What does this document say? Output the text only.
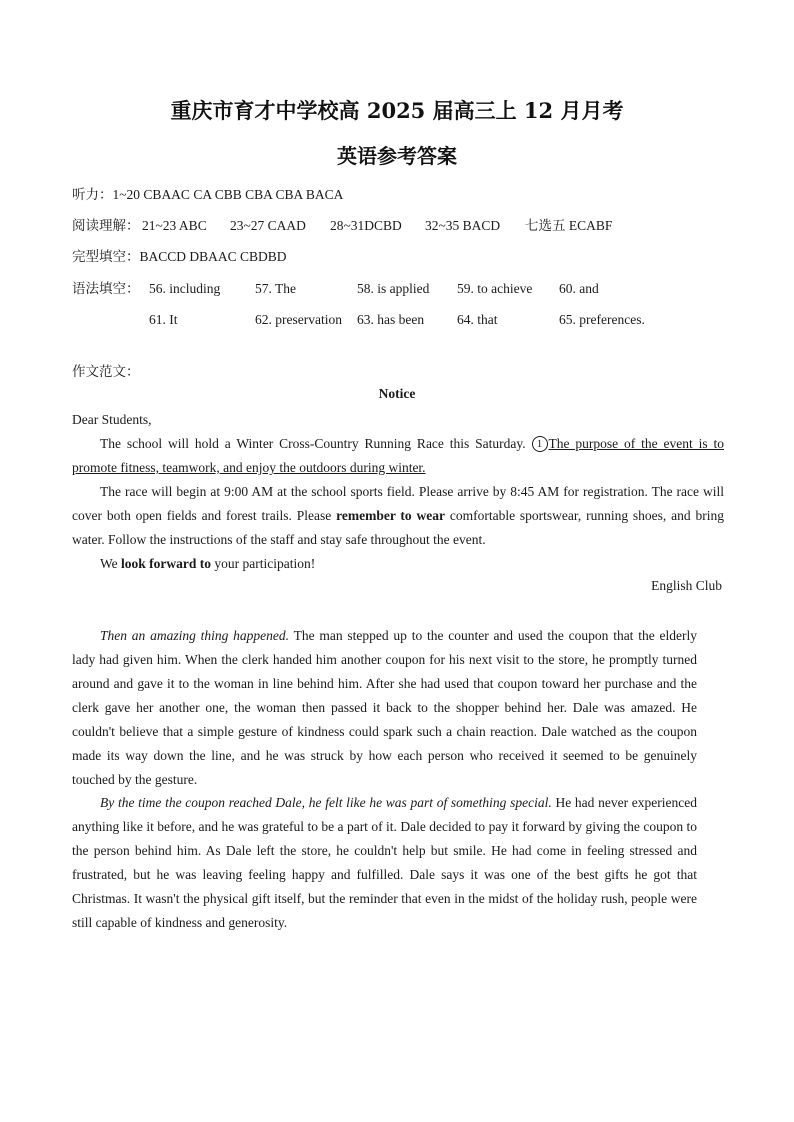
重庆市育才中学校高 2025 届高三上 12 月月考
英语参考答案
听力：1~20 CBAAC CA CBB CBA CBA BACA
阅读理解： 21~23 ABC 23~27 CAAD 28~31DCBD 32~35 BACD 七选五 ECABF
完型填空：BACCD DBAAC CBDBD
语法填空： 56. including	57. The	58. is applied 59. to achieve 60. and
61. It	62. preservation 63. has been 64. that	65. preferences.
作文范文：
Notice
Dear Students,
The school will hold a Winter Cross-Country Running Race this Saturday. 1 The purpose of the event is to promote fitness, teamwork, and enjoy the outdoors during winter.
The race will begin at 9:00 AM at the school sports field. Please arrive by 8:45 AM for registration. The race will cover both open fields and forest trails. Please remember to wear comfortable sportswear, running shoes, and bring water. Follow the instructions of the staff and stay safe throughout the event.
We look forward to your participation!
English Club
Then an amazing thing happened. The man stepped up to the counter and used the coupon that the elderly lady had given him. When the clerk handed him another coupon for his next visit to the store, he promptly turned around and gave it to the woman in line behind him. After she had used that coupon toward her purchase and the clerk gave her another one, the woman then passed it back to the shopper behind her. Dale was amazed. He couldn't believe that a simple gesture of kindness could spark such a chain reaction. Dale watched as the coupon made its way down the line, and he was struck by how each person who received it seemed to be genuinely touched by the gesture.
By the time the coupon reached Dale, he felt like he was part of something special. He had never experienced anything like it before, and he was grateful to be a part of it. Dale decided to pay it forward by giving the coupon to the person behind him. As Dale left the store, he couldn't help but smile. He had come in feeling stressed and frustrated, but he was leaving feeling happy and fulfilled. Dale says it was one of the best gifts he got that Christmas. It wasn't the physical gift itself, but the reminder that even in the midst of the holiday rush, people were still capable of kindness and generosity.
